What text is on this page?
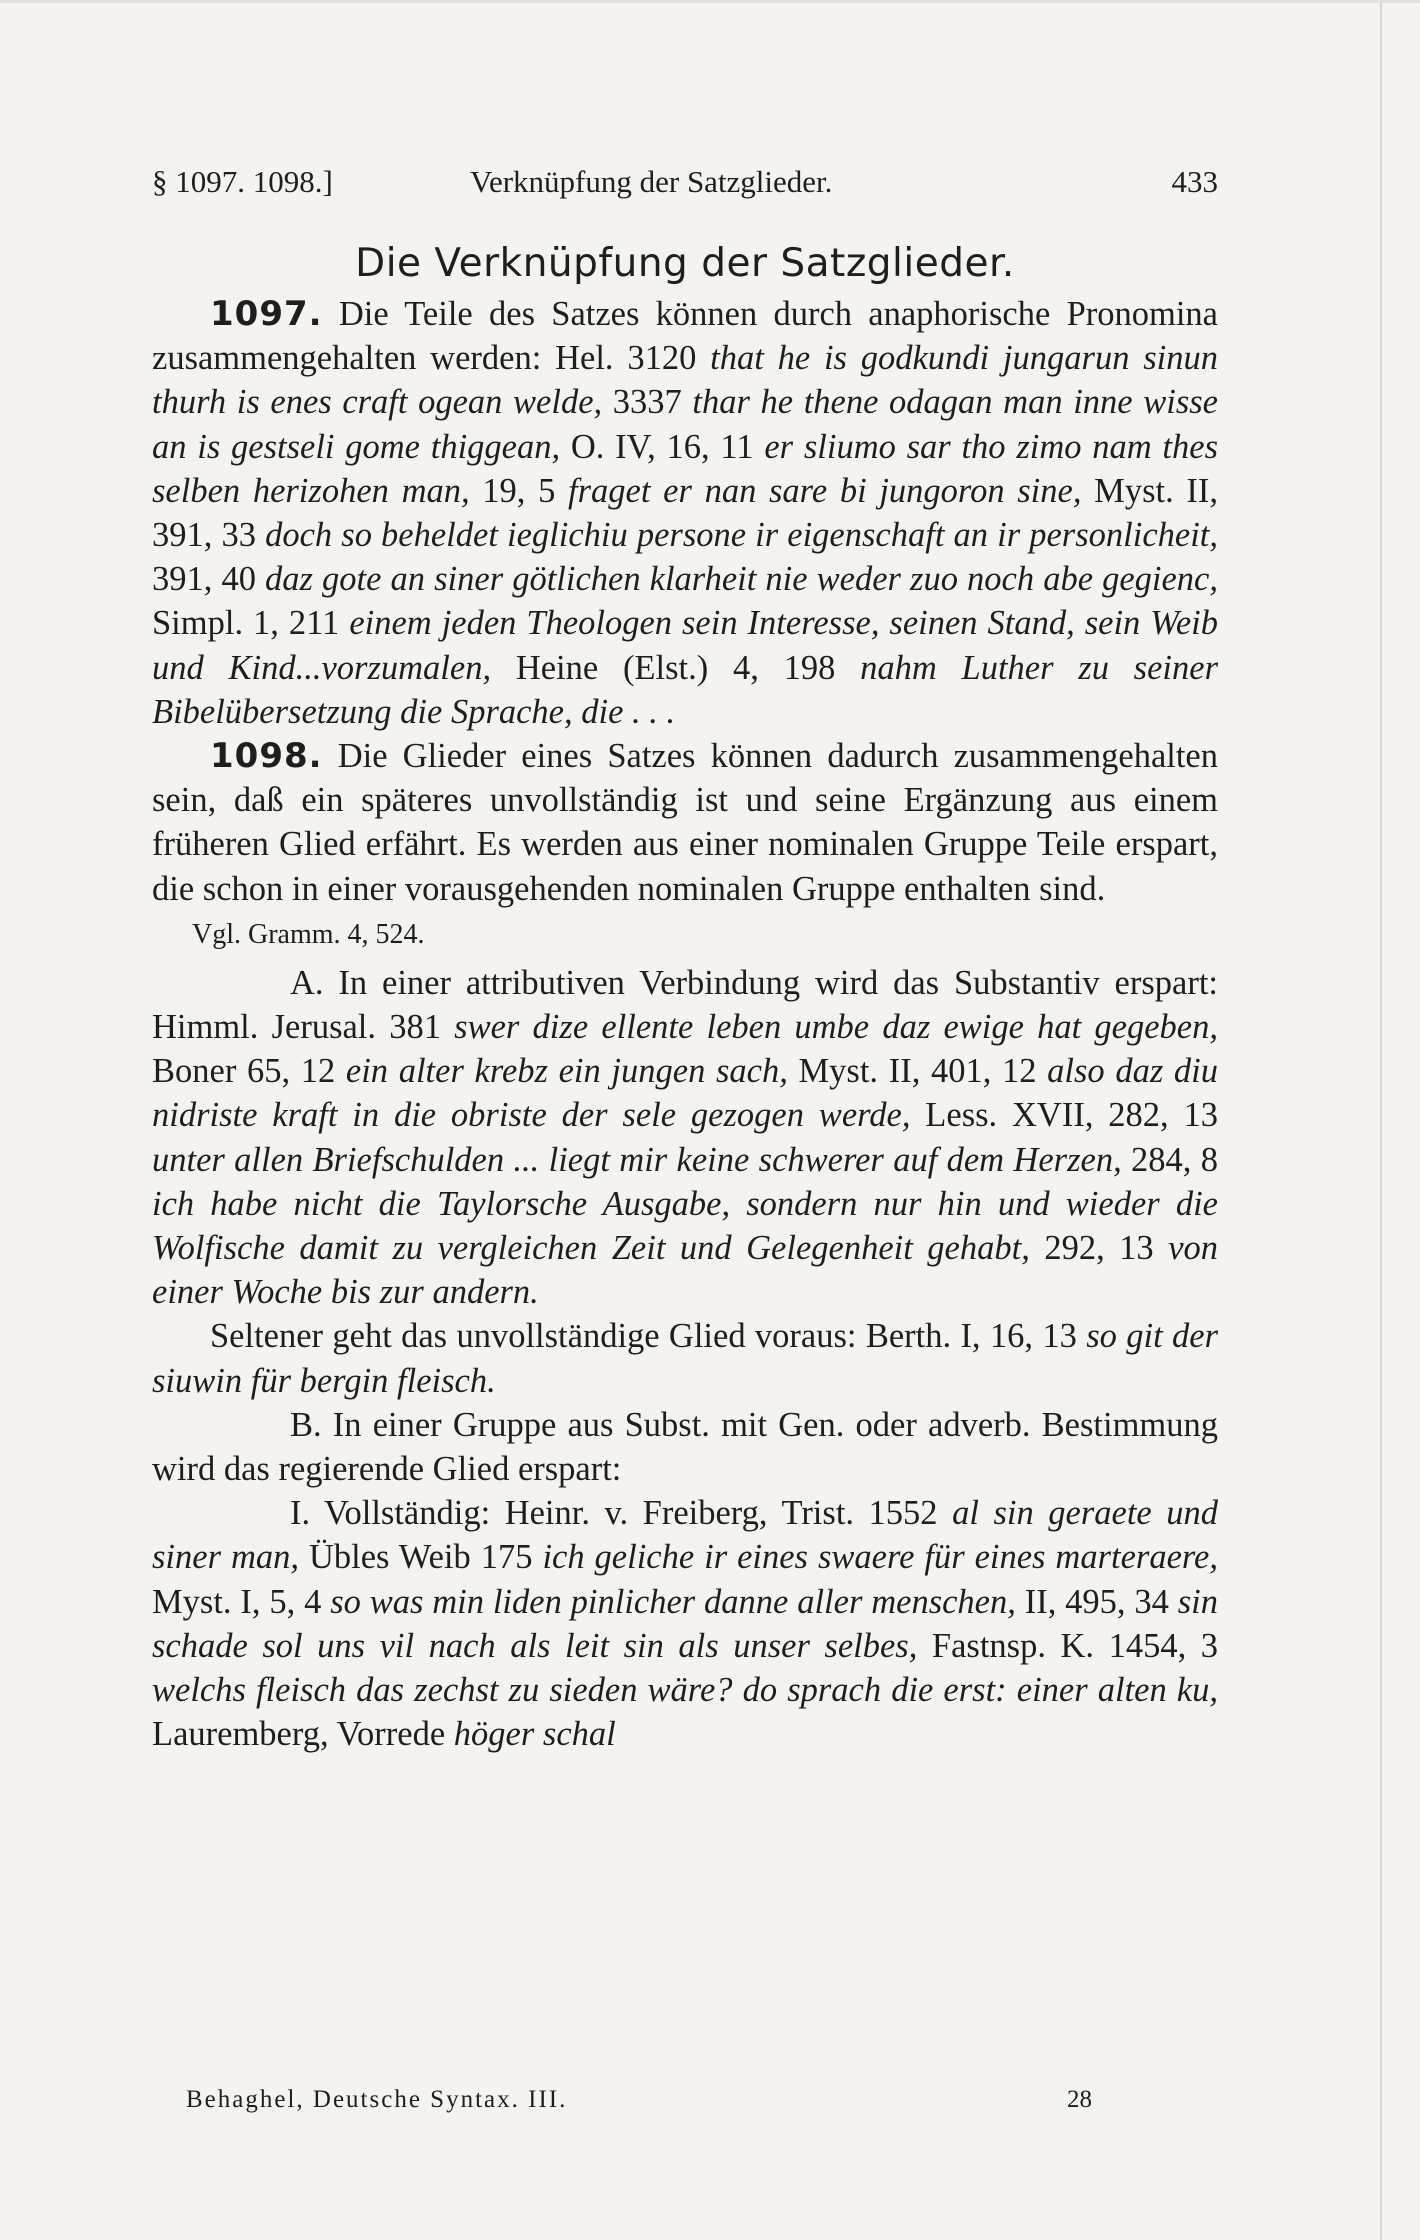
§ 1097. 1098.]	Verknüpfung der Satzglieder.	433
Die Verknüpfung der Satzglieder.

1097. Die Teile des Satzes können durch anaphorische Pronomina zusammengehalten werden: Hel. 3120 that he is godkundi jungarun sinun thurh is enes craft ogean welde, 3337 thar he thene odagan man inne wisse an is gestseli gome thiggean, O. IV, 16, 11 er sliumo sar tho zimo nam thes selben herizohen man, 19, 5 fraget er nan sare bi jungoron sine, Myst. II, 391, 33 doch so beheldet ieglichiu persone ir eigenschaft an ir personlicheit, 391, 40 daz gote an siner götlichen klarheit nie weder zuo noch abe gegienc, Simpl. 1, 211 einem jeden Theologen sein Interesse, seinen Stand, sein Weib und Kind...vorzumalen, Heine (Elst.) 4, 198 nahm Luther zu seiner Bibelübersetzung die Sprache, die . . .

1098. Die Glieder eines Satzes können dadurch zusammengehalten sein, daß ein späteres unvollständig ist und seine Ergänzung aus einem früheren Glied erfährt. Es werden aus einer nominalen Gruppe Teile erspart, die schon in einer vorausgehenden nominalen Gruppe enthalten sind.

Vgl. Gramm. 4, 524.

A. In einer attributiven Verbindung wird das Substantiv erspart: Himml. Jerusal. 381 swer dize ellente leben umbe daz ewige hat gegeben, Boner 65, 12 ein alter krebz ein jungen sach, Myst. II, 401, 12 also daz diu nidriste kraft in die obriste der sele gezogen werde, Less. XVII, 282, 13 unter allen Briefschulden ... liegt mir keine schwerer auf dem Herzen, 284, 8 ich habe nicht die Taylorsche Ausgabe, sondern nur hin und wieder die Wolfische damit zu vergleichen Zeit und Gelegenheit gehabt, 292, 13 von einer Woche bis zur andern.

Seltener geht das unvollständige Glied voraus: Berth. I, 16, 13 so git der siuwin für bergin fleisch.

B. In einer Gruppe aus Subst. mit Gen. oder adverb. Bestimmung wird das regierende Glied erspart:

I. Vollständig: Heinr. v. Freiberg, Trist. 1552 al sin geraete und siner man, Übles Weib 175 ich geliche ir eines swaere für eines marteraere, Myst. I, 5, 4 so was min liden pinlicher danne aller menschen, II, 495, 34 sin schade sol uns vil nach als leit sin als unser selbes, Fastnsp. K. 1454, 3 welchs fleisch das zechst zu sieden wäre? do sprach die erst: einer alten ku, Lauremberg, Vorrede höger schal

Behaghel, Deutsche Syntax. III.	28
